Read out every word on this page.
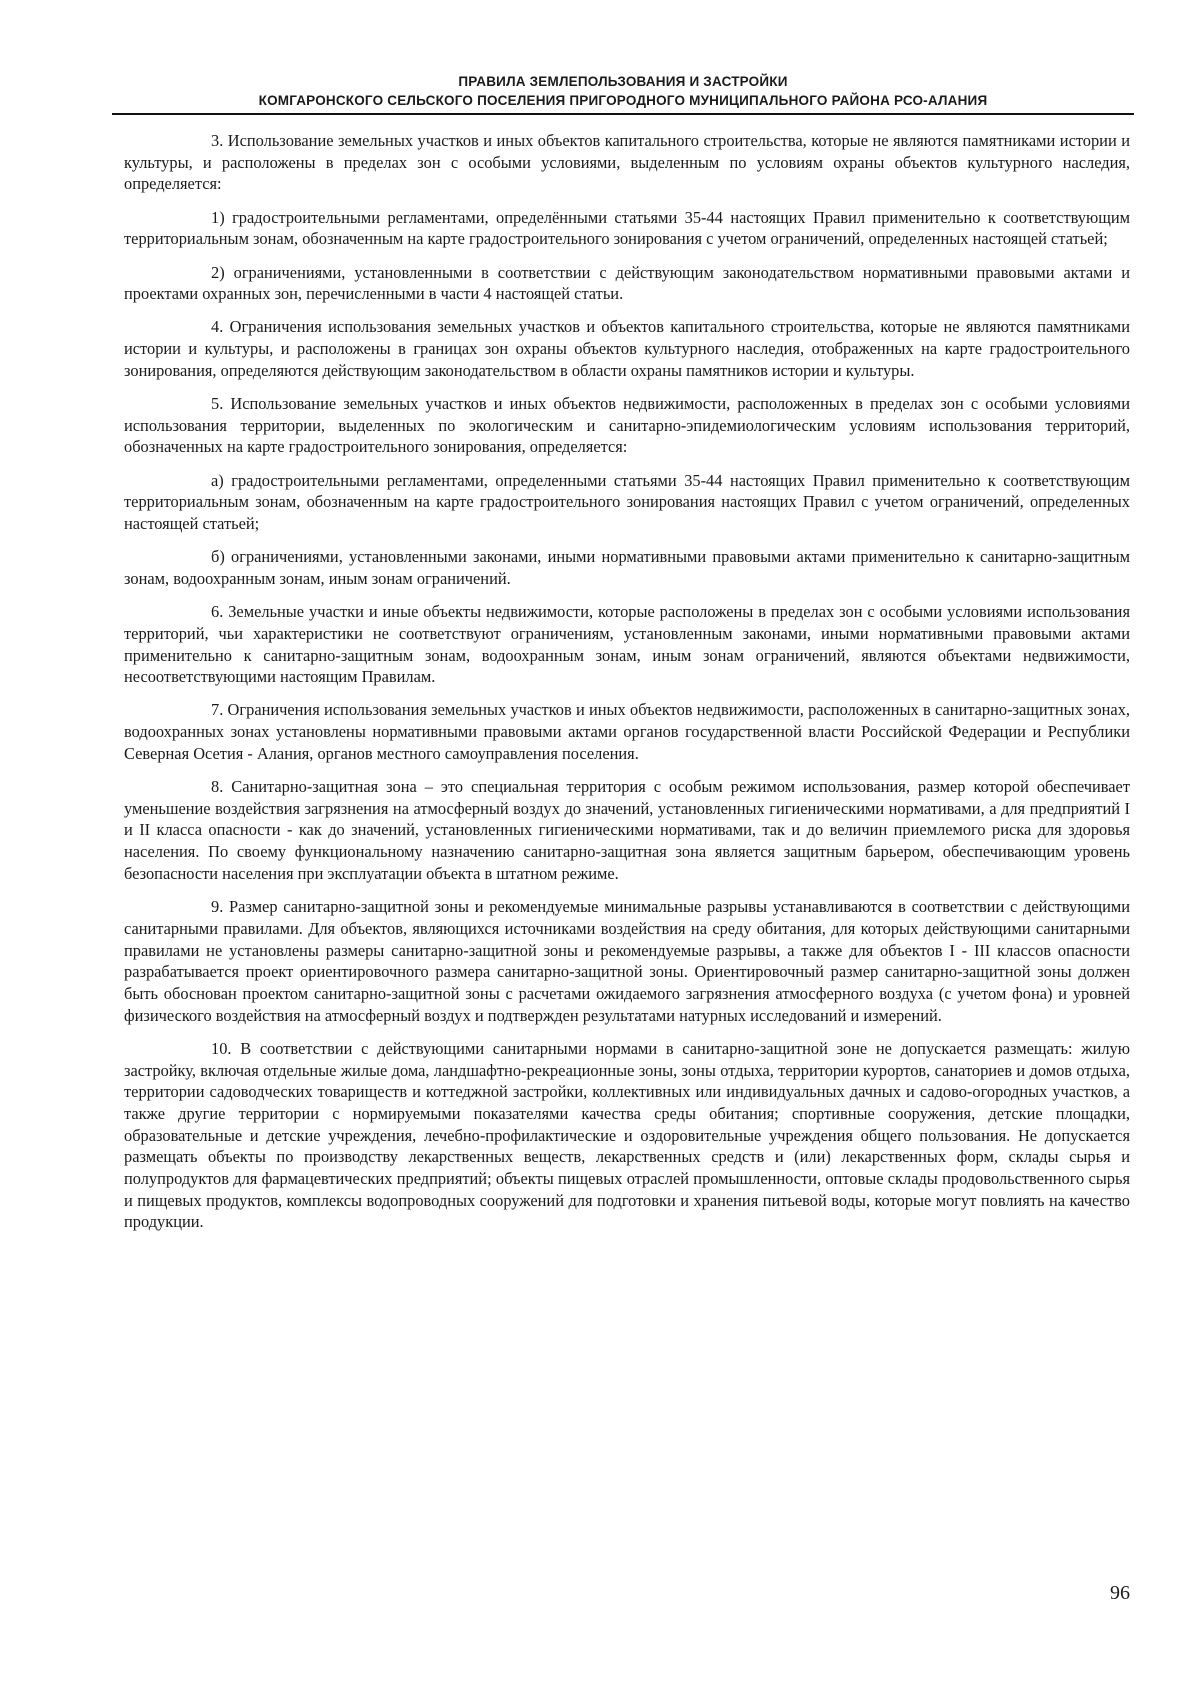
ПРАВИЛА ЗЕМЛЕПОЛЬЗОВАНИЯ И ЗАСТРОЙКИ
КОМГАРОНСКОГО СЕЛЬСКОГО ПОСЕЛЕНИЯ ПРИГОРОДНОГО МУНИЦИПАЛЬНОГО РАЙОНА РСО-АЛАНИЯ

3. Использование земельных участков и иных объектов капитального строительства, которые не являются памятниками истории и культуры, и расположены в пределах зон с особыми условиями, выделенным по условиям охраны объектов культурного наследия, определяется:

1) градостроительными регламентами, определёнными статьями 35-44 настоящих Правил применительно к соответствующим территориальным зонам, обозначенным на карте градостроительного зонирования с учетом ограничений, определенных настоящей статьей;

2) ограничениями, установленными в соответствии с действующим законодательством нормативными правовыми актами и проектами охранных зон, перечисленными в части 4 настоящей статьи.

4. Ограничения использования земельных участков и объектов капитального строительства, которые не являются памятниками истории и культуры, и расположены в границах зон охраны объектов культурного наследия, отображенных на карте градостроительного зонирования, определяются действующим законодательством в области охраны памятников истории и культуры.

5. Использование земельных участков и иных объектов недвижимости, расположенных в пределах зон с особыми условиями использования территории, выделенных по экологическим и санитарно-эпидемиологическим условиям использования территорий, обозначенных на карте градостроительного зонирования, определяется:

а) градостроительными регламентами, определенными статьями 35-44 настоящих Правил применительно к соответствующим территориальным зонам, обозначенным на карте градостроительного зонирования настоящих Правил с учетом ограничений, определенных настоящей статьей;

б) ограничениями, установленными законами, иными нормативными правовыми актами применительно к санитарно-защитным зонам, водоохранным зонам, иным зонам ограничений.

6. Земельные участки и иные объекты недвижимости, которые расположены в пределах зон с особыми условиями использования территорий, чьи характеристики не соответствуют ограничениям, установленным законами, иными нормативными правовыми актами применительно к санитарно-защитным зонам, водоохранным зонам, иным зонам ограничений, являются объектами недвижимости, несоответствующими настоящим Правилам.

7. Ограничения использования земельных участков и иных объектов недвижимости, расположенных в санитарно-защитных зонах, водоохранных зонах установлены нормативными правовыми актами органов государственной власти Российской Федерации и Республики Северная Осетия - Алания, органов местного самоуправления поселения.

8. Санитарно-защитная зона – это специальная территория с особым режимом использования, размер которой обеспечивает уменьшение воздействия загрязнения на атмосферный воздух до значений, установленных гигиеническими нормативами, а для предприятий I и II класса опасности - как до значений, установленных гигиеническими нормативами, так и до величин приемлемого риска для здоровья населения. По своему функциональному назначению санитарно-защитная зона является защитным барьером, обеспечивающим уровень безопасности населения при эксплуатации объекта в штатном режиме.

9. Размер санитарно-защитной зоны и рекомендуемые минимальные разрывы устанавливаются в соответствии с действующими санитарными правилами. Для объектов, являющихся источниками воздействия на среду обитания, для которых действующими санитарными правилами не установлены размеры санитарно-защитной зоны и рекомендуемые разрывы, а также для объектов I - III классов опасности разрабатывается проект ориентировочного размера санитарно-защитной зоны. Ориентировочный размер санитарно-защитной зоны должен быть обоснован проектом санитарно-защитной зоны с расчетами ожидаемого загрязнения атмосферного воздуха (с учетом фона) и уровней физического воздействия на атмосферный воздух и подтвержден результатами натурных исследований и измерений.

10. В соответствии с действующими санитарными нормами в санитарно-защитной зоне не допускается размещать: жилую застройку, включая отдельные жилые дома, ландшафтно-рекреационные зоны, зоны отдыха, территории курортов, санаториев и домов отдыха, территории садоводческих товариществ и коттеджной застройки, коллективных или индивидуальных дачных и садово-огородных участков, а также другие территории с нормируемыми показателями качества среды обитания; спортивные сооружения, детские площадки, образовательные и детские учреждения, лечебно-профилактические и оздоровительные учреждения общего пользования. Не допускается размещать объекты по производству лекарственных веществ, лекарственных средств и (или) лекарственных форм, склады сырья и полупродуктов для фармацевтических предприятий; объекты пищевых отраслей промышленности, оптовые склады продовольственного сырья и пищевых продуктов, комплексы водопроводных сооружений для подготовки и хранения питьевой воды, которые могут повлиять на качество продукции.

96
